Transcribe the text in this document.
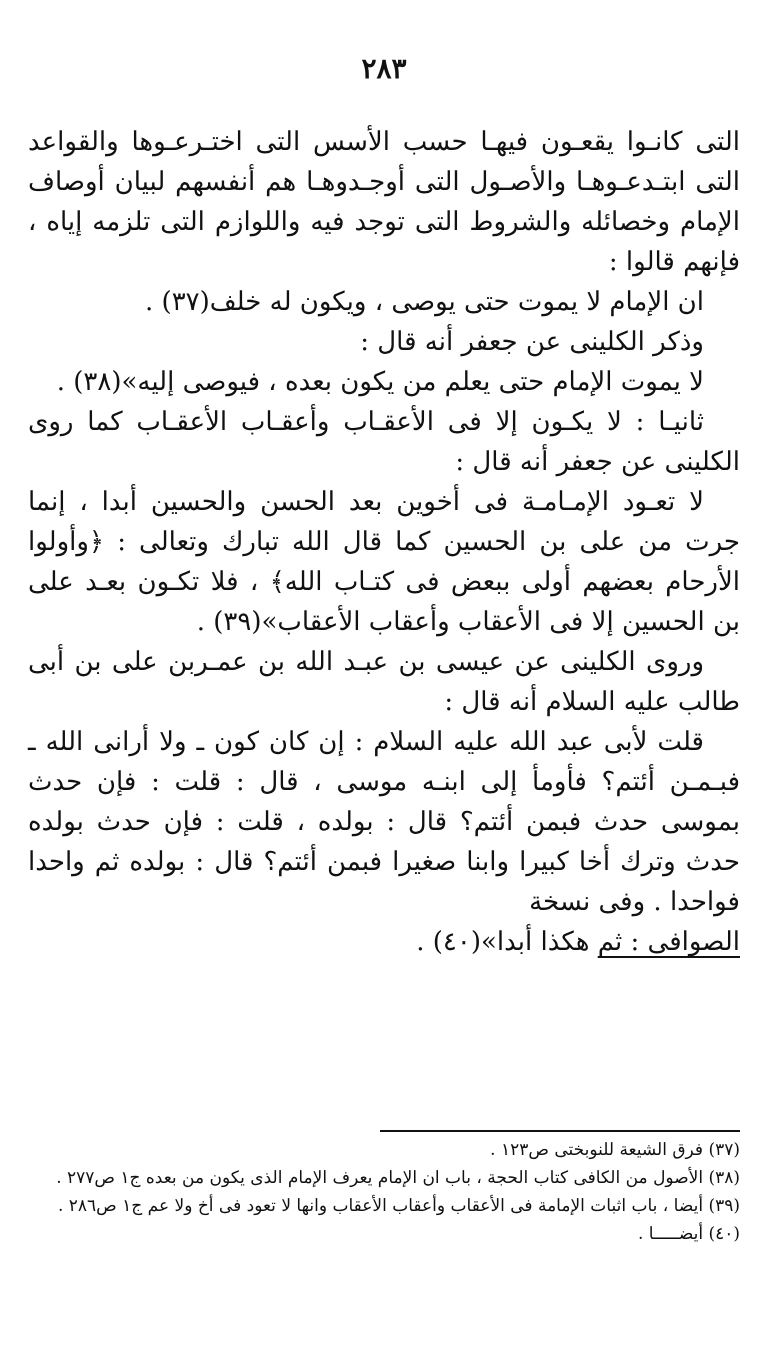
٢٨٣

التى كانـوا يقعـون فيهـا حسب الأسس التى اختـرعـوها والقواعد التى ابتـدعـوهـا والأصـول التى أوجـدوهـا هم أنفسهم لبيان أوصاف الإمام وخصائله والشروط التى توجد فيه واللوازم التى تلزمه إياه ، فإنهم قالوا :

ان الإمام لا يموت حتى يوصى ، ويكون له خلف(٣٧) .

وذكر الكلينى عن جعفر أنه قال :

لا يموت الإمام حتى يعلم من يكون بعده ، فيوصى إليه»(٣٨) .

ثانيـا : لا يكـون إلا فى الأعقـاب وأعقـاب الأعقـاب كما روى الكلينى عن جعفر أنه قال :

لا تعـود الإمـامـة فى أخوين بعد الحسن والحسين أبدا ، إنما جرت من على بن الحسين كما قال الله تبارك وتعالى : ﴿وأولوا الأرحام بعضهم أولى ببعض فى كتـاب الله﴾ ، فلا تكـون بعـد على بن الحسين إلا فى الأعقاب وأعقاب الأعقاب»(٣٩) .

وروى الكلينى عن عيسى بن عبـد الله بن عمـربن على بن أبى طالب عليه السلام أنه قال :

قلت لأبى عبد الله عليه السلام : إن كان كون ـ ولا أرانى الله ـ فبـمـن أئتم؟ فأومأ إلى ابنـه موسى ، قال : قلت : فإن حدث بموسى حدث فبمن أئتم؟ قال : بولده ، قلت : فإن حدث بولده حدث وترك أخا كبيرا وابنا صغيرا فبمن أئتم؟ قال : بولده ثم واحدا فواحدا . وفى نسخة

الصوافى : ثم هكذا أبدا»(٤٠) .

(٣٧) فرق الشيعة للنوبختى ص١٢٣ .

(٣٨) الأصول من الكافى كتاب الحجة ، باب ان الإمام يعرف الإمام الذى يكون من بعده ج١ ص٢٧٧ .

(٣٩) أيضا ، باب اثبات الإمامة فى الأعقاب وأعقاب الأعقاب وانها لا تعود فى أخ ولا عم ج١ ص٢٨٦ .

(٤٠) أيضـــــا .
